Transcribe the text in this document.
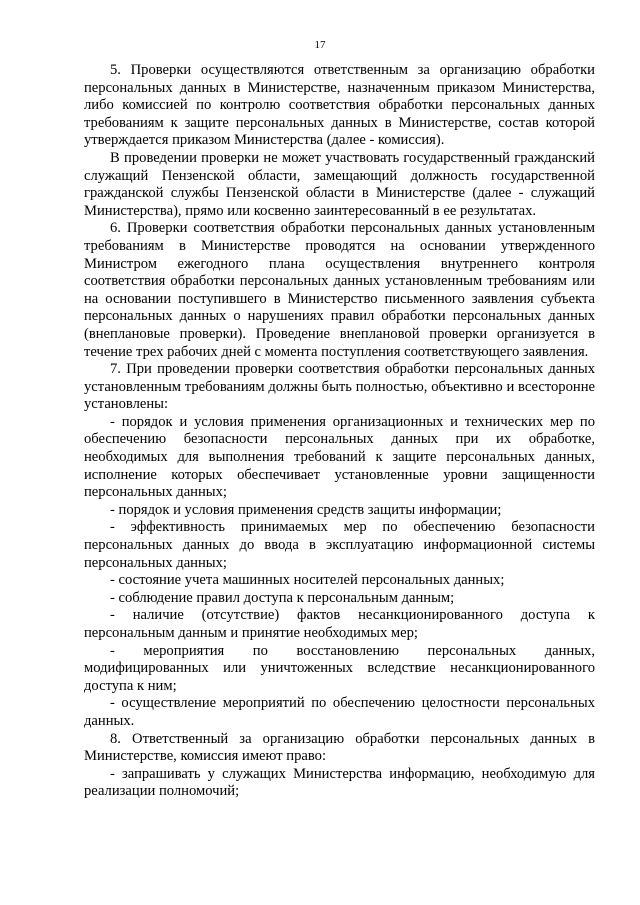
17

5. Проверки осуществляются ответственным за организацию обработки персональных данных в Министерстве, назначенным приказом Министерства, либо комиссией по контролю соответствия обработки персональных данных требованиям к защите персональных данных в Министерстве, состав которой утверждается приказом Министерства (далее - комиссия).

В проведении проверки не может участвовать государственный гражданский служащий Пензенской области, замещающий должность государственной гражданской службы Пензенской области в Министерстве (далее - служащий Министерства), прямо или косвенно заинтересованный в ее результатах.

6. Проверки соответствия обработки персональных данных установленным требованиям в Министерстве проводятся на основании утвержденного Министром ежегодного плана осуществления внутреннего контроля соответствия обработки персональных данных установленным требованиям или на основании поступившего в Министерство письменного заявления субъекта персональных данных о нарушениях правил обработки персональных данных (внеплановые проверки). Проведение внеплановой проверки организуется в течение трех рабочих дней с момента поступления соответствующего заявления.

7. При проведении проверки соответствия обработки персональных данных установленным требованиям должны быть полностью, объективно и всесторонне установлены:

- порядок и условия применения организационных и технических мер по обеспечению безопасности персональных данных при их обработке, необходимых для выполнения требований к защите персональных данных, исполнение которых обеспечивает установленные уровни защищенности персональных данных;

- порядок и условия применения средств защиты информации;

- эффективность принимаемых мер по обеспечению безопасности персональных данных до ввода в эксплуатацию информационной системы персональных данных;

- состояние учета машинных носителей персональных данных;

- соблюдение правил доступа к персональным данным;

- наличие (отсутствие) фактов несанкционированного доступа к персональным данным и принятие необходимых мер;

- мероприятия по восстановлению персональных данных, модифицированных или уничтоженных вследствие несанкционированного доступа к ним;

- осуществление мероприятий по обеспечению целостности персональных данных.

8. Ответственный за организацию обработки персональных данных в Министерстве, комиссия имеют право:

- запрашивать у служащих Министерства информацию, необходимую для реализации полномочий;
